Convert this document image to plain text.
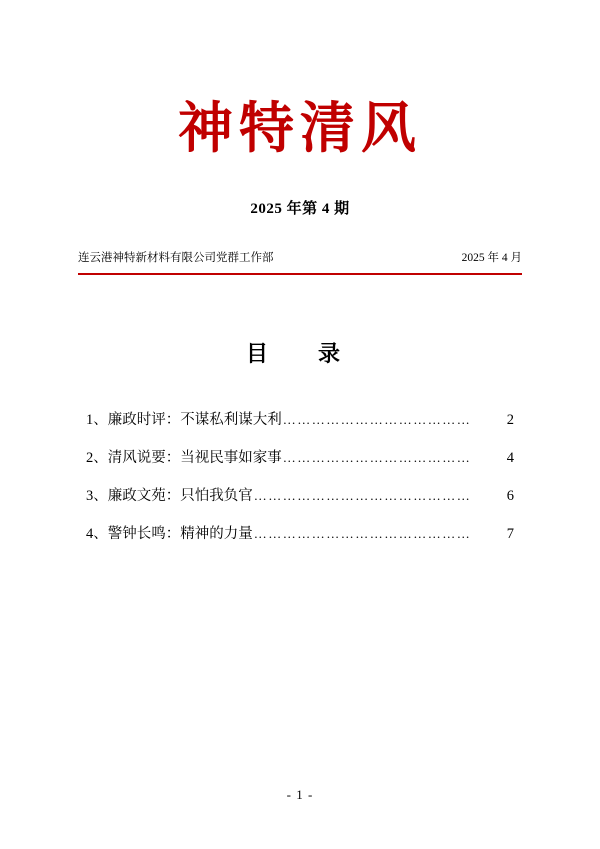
神特清风
2025 年第 4 期
连云港神特新材料有限公司党群工作部	2025 年 4 月
目　录
1、廉政时评：不谋私利谋大利 …………………………………	2
2、清风说要：当视民事如家事 …………………………………	4
3、廉政文苑：只怕我负官 ………………………………………	6
4、警钟长鸣：精神的力量 ………………………………………	7
- 1 -
